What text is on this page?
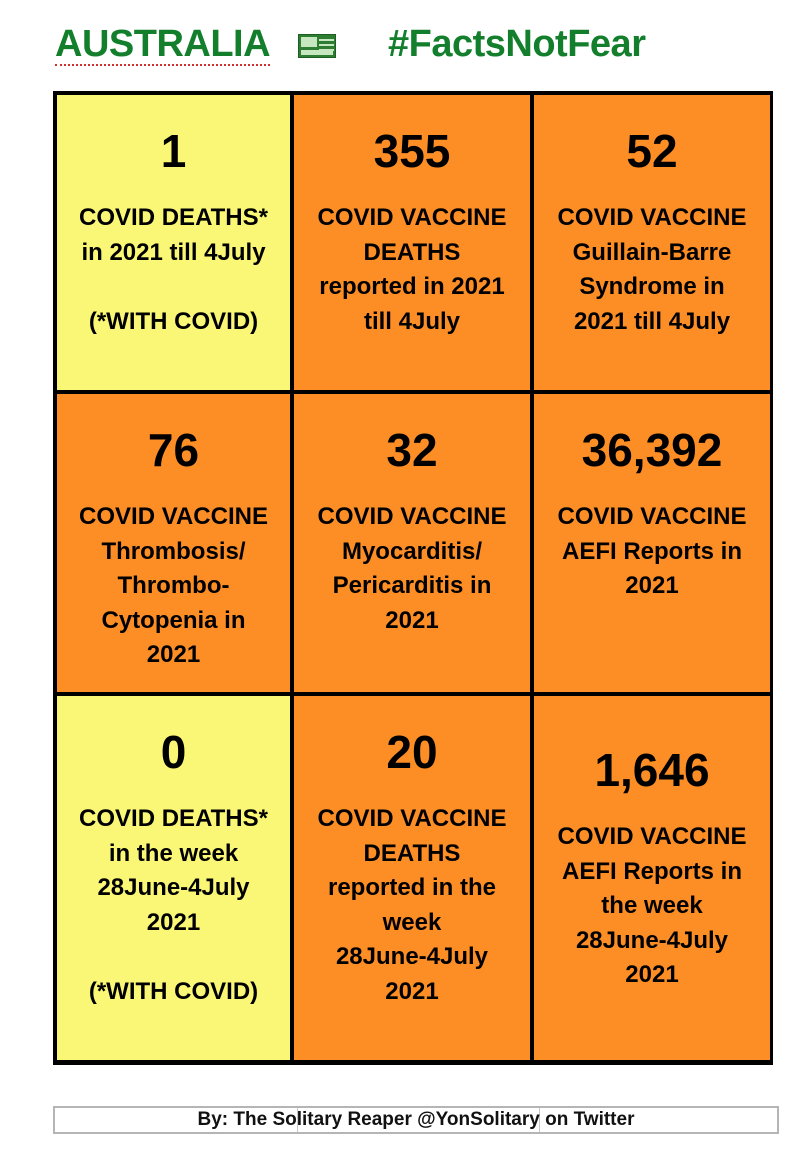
AUSTRALIA	#FactsNotFear
1
COVID DEATHS*
in 2021 till 4July

(*WITH COVID)
355
COVID VACCINE
DEATHS
reported in 2021
till 4July
52
COVID VACCINE
Guillain-Barre
Syndrome in
2021 till 4July
76
COVID VACCINE
Thrombosis/
Thrombo-
Cytopenia in
2021
32
COVID VACCINE
Myocarditis/
Pericarditis in
2021
36,392
COVID VACCINE
AEFI Reports in
2021
0
COVID DEATHS*
in the week
28June-4July
2021

(*WITH COVID)
20
COVID VACCINE
DEATHS
reported in the
week
28June-4July
2021
1,646
COVID VACCINE
AEFI Reports in
the week
28June-4July
2021
By: The Solitary Reaper @YonSolitary on Twitter
